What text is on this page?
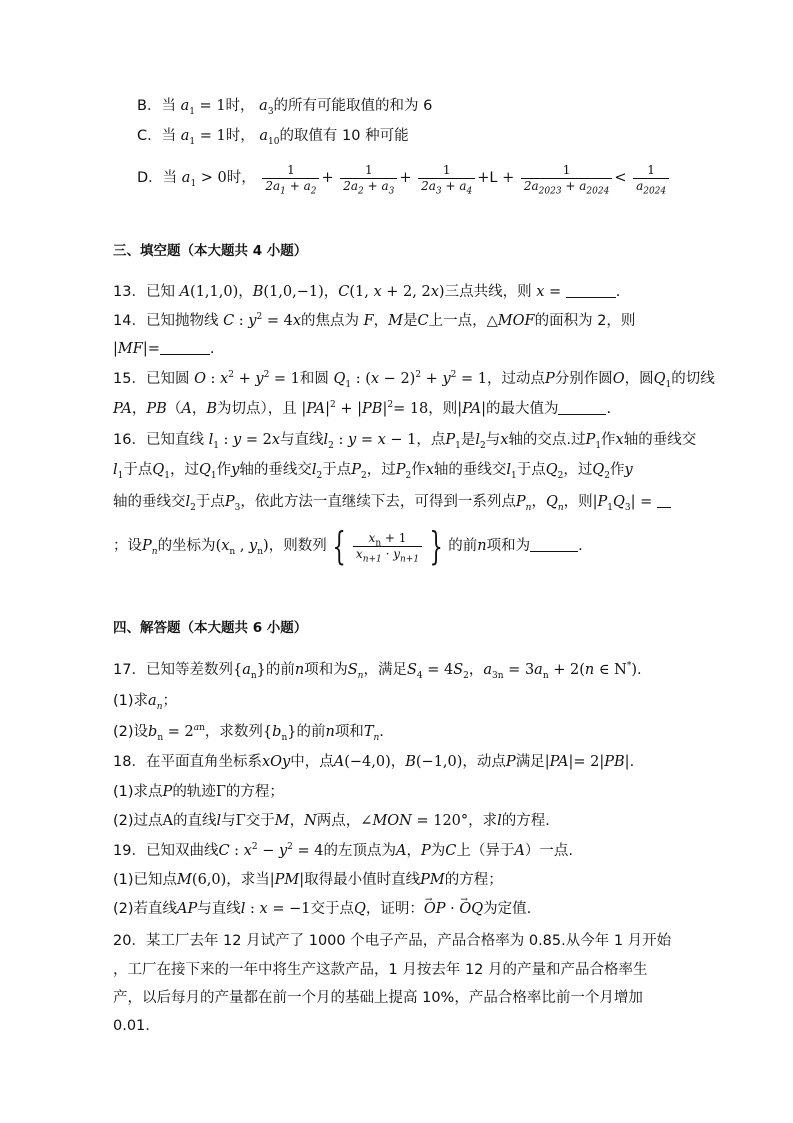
B．当 $a_1 = 1$时， $a_3$的所有可能取值的和为 6
C．当 $a_1 = 1$时， $a_{10}$的取值有 10 种可能
D．当 $a_1 > 0$时， $\frac{1}{2a_1 + a_2} + \frac{1}{2a_2 + a_3} + \frac{1}{2a_3 + a_4} +L + \frac{1}{2a_{2023} + a_{2024}} < \frac{1}{a_{2024}}$
三、填空题（本大题共 4 小题）
13．已知 A(1,1,0)，B(1,0,−1)，C(1, x + 2, 2x)三点共线，则 x =	.
14．已知抛物线 C : $y^2 = 4x$的焦点为 F，M是C上一点，△MOF的面积为 2，则
|MF|=	.
15．已知圆 O : $x^2 + y^2 = 1$和圆 $Q_1$ : $(x - 2)^2 + y^2 = 1$，过动点P分别作圆O，圆$Q_1$的切线
PA，PB（A，B为切点），且 $|PA|^2 + |PB|^2= 18$，则|PA|的最大值为	.
16．已知直线 $l_1$ : y = 2x与直线$l_2$ : y = x − 1，点$P_1$是$l_2$与x轴的交点.过$P_1$作x轴的垂线交
$l_1$于点$Q_1$，过$Q_1$作y轴的垂线交$l_2$于点$P_2$，过$P_2$作x轴的垂线交$l_1$于点$Q_2$，过$Q_2$作y
轴的垂线交$l_2$于点$P_3$，依此方法一直继续下去，可得到一系列点$P_n$，$Q_n$，则$|P_1Q_3|$ =
；设$P_n$的坐标为($x_n$ , $y_n$)，则数列 { $\frac{x_n + 1}{x_{n+1} \cdot y_{n+1}}$ } 的前n项和为	.
四、解答题（本大题共 6 小题）
17．已知等差数列$\{a_n\}$的前n项和为$S_n$，满足$S_4 = 4S_2$，$a_{3n} = 3a_n + 2(n$ ∈ N*).
(1)求$a_n$；
(2)设$b_n = 2^{an}$，求数列$\{b_n\}$的前n项和$T_n$.
18．在平面直角坐标系xOy中，点A(−4,0)，B(−1,0)，动点P满足|PA|= 2|PB|.
(1)求点P的轨迹Γ的方程；
(2)过点A的直线l与Γ交于M，N两点，∠MON = 120°，求l的方程.
19．已知双曲线C : $x^2 - y^2 = 4$的左顶点为A，P为C上（异于A）一点.
(1)已知点M(6,0)，求当|PM|取得最小值时直线PM的方程；
(2)若直线AP与直线l : x = −1交于点Q，证明：→ OP · → OQ为定值.
20．某工厂去年 12 月试产了 1000 个电子产品，产品合格率为 0.85.从今年 1 月开始
，工厂在接下来的一年中将生产这款产品，1 月按去年 12 月的产量和产品合格率生
产，以后每月的产量都在前一个月的基础上提高 10%，产品合格率比前一个月增加
0.01.
